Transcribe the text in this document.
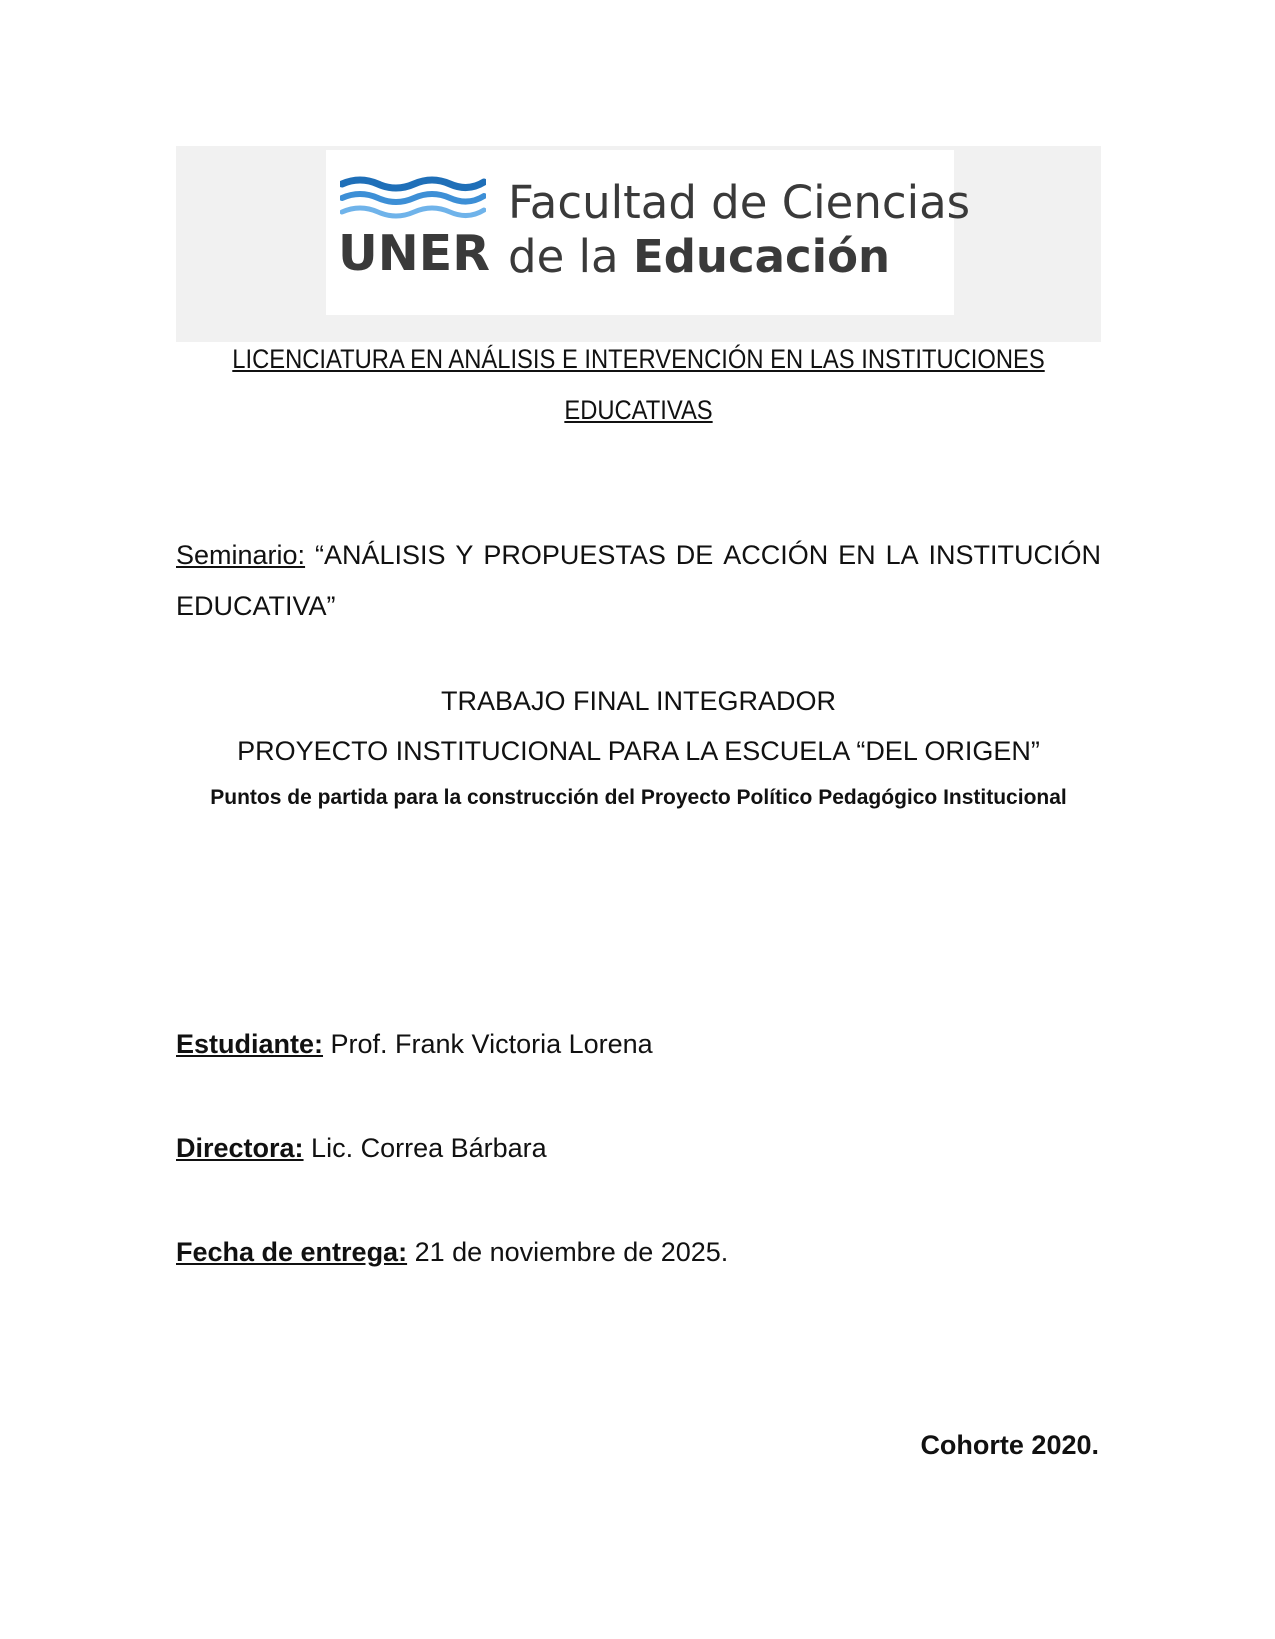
UNER
Facultad de Ciencias
de la Educación
LICENCIATURA EN ANÁLISIS E INTERVENCIÓN EN LAS INSTITUCIONES
EDUCATIVAS
Seminario: “ANÁLISIS Y PROPUESTAS DE ACCIÓN EN LA INSTITUCIÓN
EDUCATIVA”
TRABAJO FINAL INTEGRADOR
PROYECTO INSTITUCIONAL PARA LA ESCUELA “DEL ORIGEN”
Puntos de partida para la construcción del Proyecto Político Pedagógico Institucional
Estudiante: Prof. Frank Victoria Lorena
Directora: Lic. Correa Bárbara
Fecha de entrega: 21 de noviembre de 2025.
Cohorte 2020.
